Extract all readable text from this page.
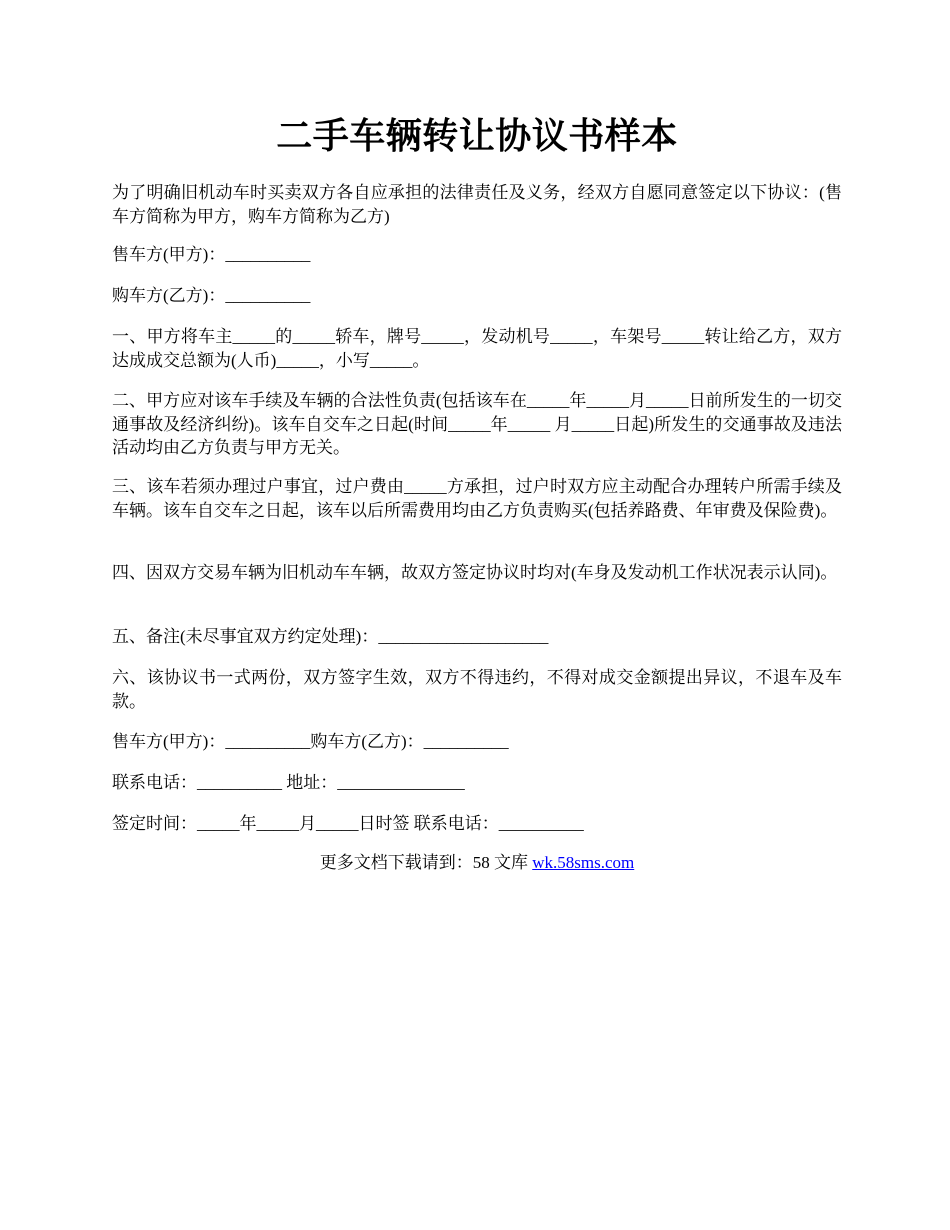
二手车辆转让协议书样本

为了明确旧机动车时买卖双方各自应承担的法律责任及义务，经双方自愿同意签定以下协议：(售车方简称为甲方，购车方简称为乙方)

售车方(甲方)：__________

购车方(乙方)：__________

一、甲方将车主_____的_____轿车，牌号_____，发动机号_____，车架号_____转让给乙方，双方达成成交总额为(人币)_____，小写_____。

二、甲方应对该车手续及车辆的合法性负责(包括该车在_____年_____月_____日前所发生的一切交通事故及经济纠纷)。该车自交车之日起(时间_____年_____ 月_____日起)所发生的交通事故及违法活动均由乙方负责与甲方无关。

三、该车若须办理过户事宜，过户费由_____方承担，过户时双方应主动配合办理转户所需手续及车辆。该车自交车之日起，该车以后所需费用均由乙方负责购买(包括养路费、年审费及保险费)。

四、因双方交易车辆为旧机动车车辆，故双方签定协议时均对(车身及发动机工作状况表示认同)。

五、备注(未尽事宜双方约定处理)：____________________

六、该协议书一式两份，双方签字生效，双方不得违约，不得对成交金额提出异议，不退车及车款。

售车方(甲方)：__________购车方(乙方)：__________

联系电话：__________ 地址：_______________

签定时间：_____年_____月_____日时签 联系电话：__________

更多文档下载请到：58 文库 wk.58sms.com
